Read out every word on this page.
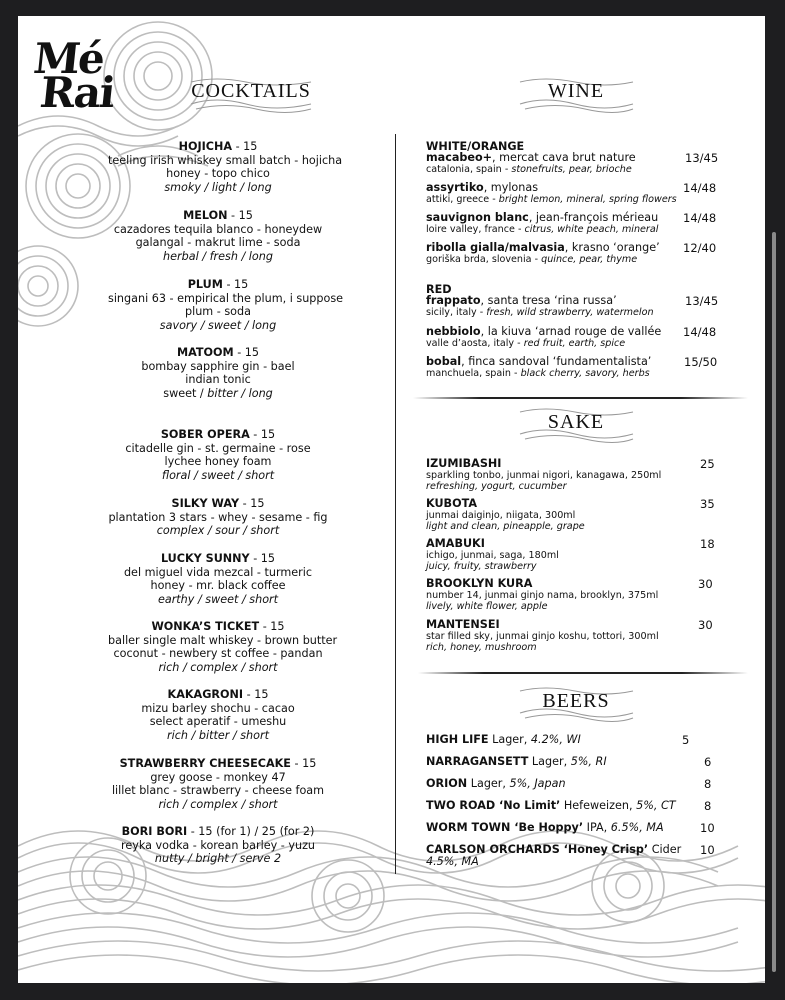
Mé
Rai	COCKTAILS	WINE
HOJICHA - 15
teeling irish whiskey small batch - hojicha
honey - topo chico
smoky / light / long
MELON - 15
cazadores tequila blanco - honeydew
galangal - makrut lime - soda
herbal / fresh / long
PLUM - 15
singani 63 - empirical the plum, i suppose
plum - soda
savory / sweet / long
MATOOM - 15
bombay sapphire gin - bael
indian tonic
sweet / bitter / long
SOBER OPERA - 15
citadelle gin - st. germaine - rose
lychee honey foam
floral / sweet / short
SILKY WAY - 15
plantation 3 stars - whey - sesame - fig
complex / sour / short
LUCKY SUNNY - 15
del miguel vida mezcal - turmeric
honey - mr. black coffee
earthy / sweet / short
WONKA’S TICKET - 15
baller single malt whiskey - brown butter
coconut - newbery st coffee - pandan
rich / complex / short
KAKAGRONI - 15
mizu barley shochu - cacao
select aperatif - umeshu
rich / bitter / short
STRAWBERRY CHEESECAKE - 15
grey goose - monkey 47
lillet blanc - strawberry - cheese foam
rich / complex / short
BORI BORI - 15 (for 1) / 25 (for 2)
reyka vodka - korean barley - yuzu
nutty / bright / serve 2
WHITE/ORANGE
macabeo+, mercat cava brut nature
catalonia, spain - stonefruits, pear, brioche
13/45
assyrtiko, mylonas
attiki, greece - bright lemon, mineral, spring flowers
14/48
sauvignon blanc, jean-françois mérieau
loire valley, france - citrus, white peach, mineral
14/48
ribolla gialla/malvasia, krasno ‘orange’
goriška brda, slovenia - quince, pear, thyme
12/40
RED
frappato, santa tresa ‘rina russa’
sicily, italy - fresh, wild strawberry, watermelon
13/45
nebbiolo, la kiuva ‘arnad rouge de vallée
valle d’aosta, italy - red fruit, earth, spice
14/48
bobal, finca sandoval ‘fundamentalista’
manchuela, spain - black cherry, savory, herbs
15/50
SAKE
IZUMIBASHI
sparkling tonbo, junmai nigori, kanagawa, 250ml
refreshing, yogurt, cucumber
25
KUBOTA
junmai daiginjo, niigata, 300ml
light and clean, pineapple, grape
35
AMABUKI
ichigo, junmai, saga, 180ml
juicy, fruity, strawberry
18
BROOKLYN KURA
number 14, junmai ginjo nama, brooklyn, 375ml
lively, white flower, apple
30
MANTENSEI
star filled sky, junmai ginjo koshu, tottori, 300ml
rich, honey, mushroom
30
BEERS
HIGH LIFE Lager, 4.2%, WI	5
NARRAGANSETT Lager, 5%, RI	6
ORION Lager, 5%, Japan	8
TWO ROAD ‘No Limit’ Hefeweizen, 5%, CT 8
WORM TOWN ‘Be Hoppy’ IPA, 6.5%, MA	10
CARLSON ORCHARDS ‘Honey Crisp’ Cider
4.5%, MA
10
